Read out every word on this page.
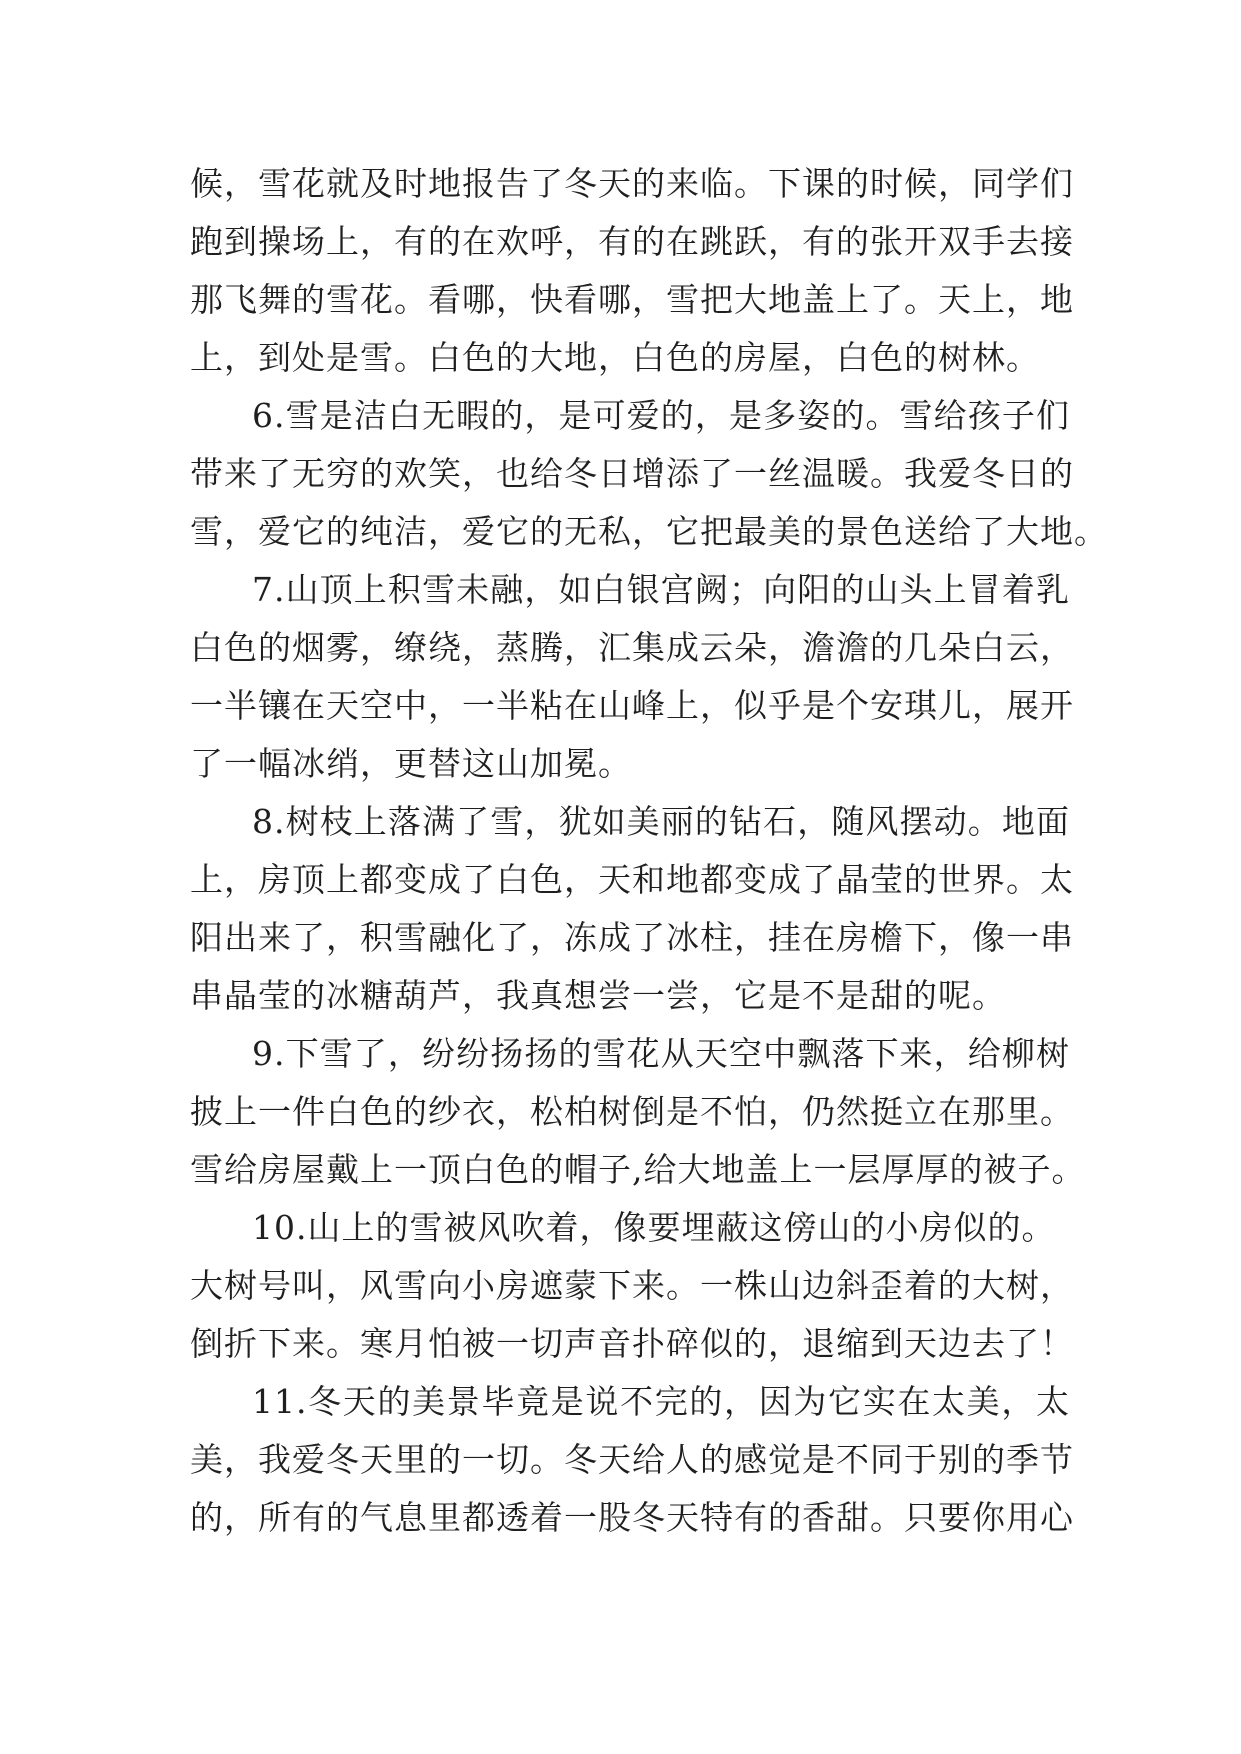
候，雪花就及时地报告了冬天的来临。下课的时候，同学们
跑到操场上，有的在欢呼，有的在跳跃，有的张开双手去接
那飞舞的雪花。看哪，快看哪，雪把大地盖上了。天上，地
上，到处是雪。白色的大地，白色的房屋，白色的树林。
6.雪是洁白无暇的，是可爱的，是多姿的。雪给孩子们
带来了无穷的欢笑，也给冬日增添了一丝温暖。我爱冬日的
雪，爱它的纯洁，爱它的无私，它把最美的景色送给了大地。
7.山顶上积雪未融，如白银宫阙；向阳的山头上冒着乳
白色的烟雾，缭绕，蒸腾，汇集成云朵，澹澹的几朵白云，
一半镶在天空中，一半粘在山峰上，似乎是个安琪儿，展开
了一幅冰绡，更替这山加冕。
8.树枝上落满了雪，犹如美丽的钻石，随风摆动。地面
上，房顶上都变成了白色，天和地都变成了晶莹的世界。太
阳出来了，积雪融化了，冻成了冰柱，挂在房檐下，像一串
串晶莹的冰糖葫芦，我真想尝一尝，它是不是甜的呢。
9.下雪了，纷纷扬扬的雪花从天空中飘落下来，给柳树
披上一件白色的纱衣，松柏树倒是不怕，仍然挺立在那里。
雪给房屋戴上一顶白色的帽子,给大地盖上一层厚厚的被子。
10.山上的雪被风吹着，像要埋蔽这傍山的小房似的。
大树号叫，风雪向小房遮蒙下来。一株山边斜歪着的大树，
倒折下来。寒月怕被一切声音扑碎似的，退缩到天边去了！
11.冬天的美景毕竟是说不完的，因为它实在太美，太
美，我爱冬天里的一切。冬天给人的感觉是不同于别的季节
的，所有的气息里都透着一股冬天特有的香甜。只要你用心
